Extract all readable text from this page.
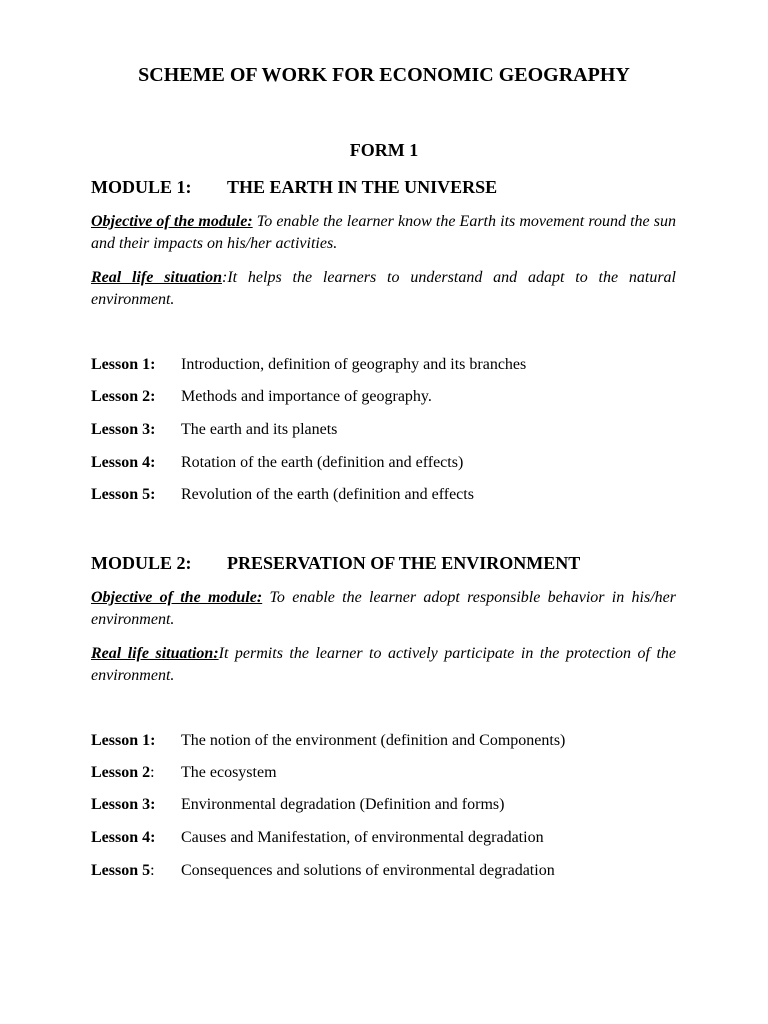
SCHEME OF WORK FOR ECONOMIC GEOGRAPHY
FORM 1
MODULE 1: THE EARTH IN THE UNIVERSE
Objective of the module: To enable the learner know the Earth its movement round the sun and their impacts on his/her activities.
Real life situation:It helps the learners to understand and adapt to the natural environment.
Lesson 1: Introduction, definition of geography and its branches
Lesson 2: Methods and importance of geography.
Lesson 3: The earth and its planets
Lesson 4: Rotation of the earth (definition and effects)
Lesson 5: Revolution of the earth (definition and effects
MODULE 2: PRESERVATION OF THE ENVIRONMENT
Objective of the module: To enable the learner adopt responsible behavior in his/her environment.
Real life situation:It permits the learner to actively participate in the protection of the environment.
Lesson 1: The notion of the environment (definition and Components)
Lesson 2: The ecosystem
Lesson 3: Environmental degradation (Definition and forms)
Lesson 4: Causes and Manifestation, of environmental degradation
Lesson 5: Consequences and solutions of environmental degradation
